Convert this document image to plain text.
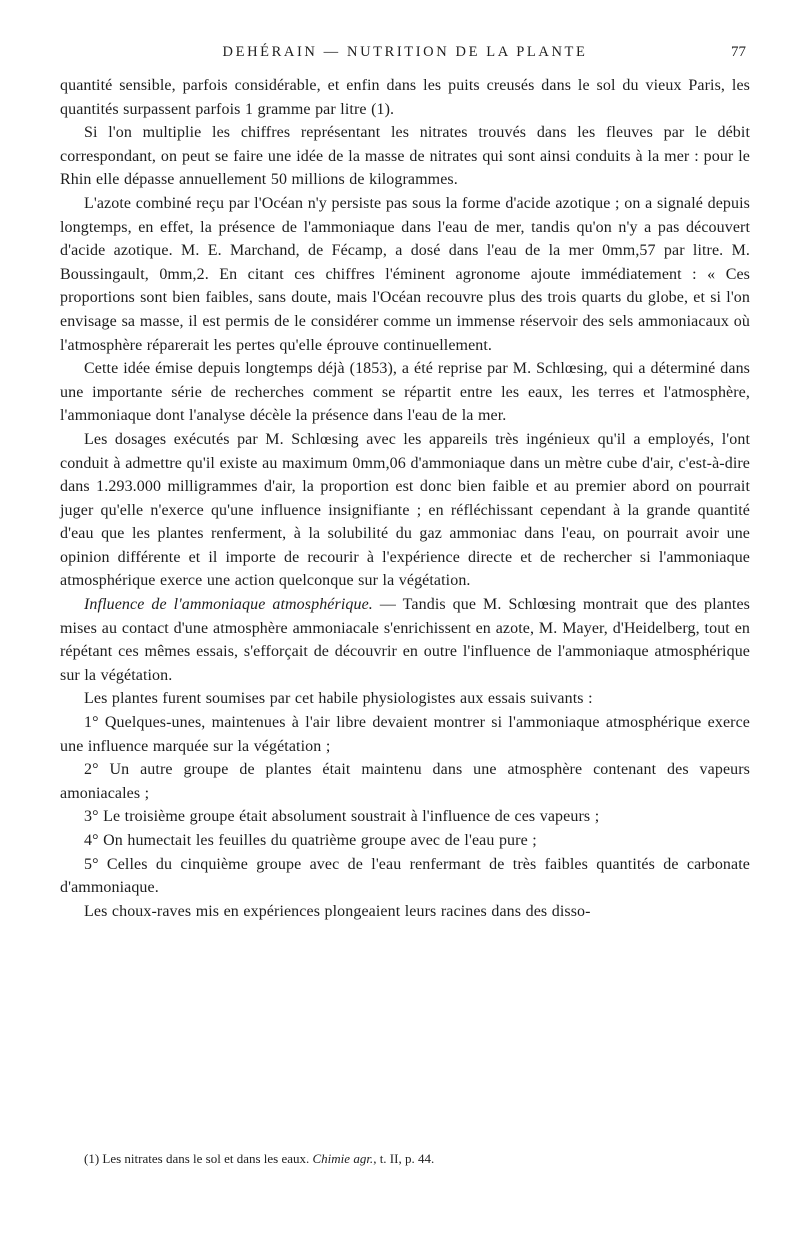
DEHÉRAIN — NUTRITION DE LA PLANTE	77

quantité sensible, parfois considérable, et enfin dans les puits creusés dans le sol du vieux Paris, les quantités surpassent parfois 1 gramme par litre (1).

Si l'on multiplie les chiffres représentant les nitrates trouvés dans les fleuves par le débit correspondant, on peut se faire une idée de la masse de nitrates qui sont ainsi conduits à la mer : pour le Rhin elle dépasse annuellement 50 millions de kilogrammes.

L'azote combiné reçu par l'Océan n'y persiste pas sous la forme d'acide azotique ; on a signalé depuis longtemps, en effet, la présence de l'ammoniaque dans l'eau de mer, tandis qu'on n'y a pas découvert d'acide azotique. M. E. Marchand, de Fécamp, a dosé dans l'eau de la mer 0mm,57 par litre. M. Boussingault, 0mm,2. En citant ces chiffres l'éminent agronome ajoute immédiatement : « Ces proportions sont bien faibles, sans doute, mais l'Océan recouvre plus des trois quarts du globe, et si l'on envisage sa masse, il est permis de le considérer comme un immense réservoir des sels ammoniacaux où l'atmosphère réparerait les pertes qu'elle éprouve continuellement.

Cette idée émise depuis longtemps déjà (1853), a été reprise par M. Schlœsing, qui a déterminé dans une importante série de recherches comment se répartit entre les eaux, les terres et l'atmosphère, l'ammoniaque dont l'analyse décèle la présence dans l'eau de la mer.

Les dosages exécutés par M. Schlœsing avec les appareils très ingénieux qu'il a employés, l'ont conduit à admettre qu'il existe au maximum 0mm,06 d'ammoniaque dans un mètre cube d'air, c'est-à-dire dans 1.293.000 milligrammes d'air, la proportion est donc bien faible et au premier abord on pourrait juger qu'elle n'exerce qu'une influence insignifiante ; en réfléchissant cependant à la grande quantité d'eau que les plantes renferment, à la solubilité du gaz ammoniac dans l'eau, on pourrait avoir une opinion différente et il importe de recourir à l'expérience directe et de rechercher si l'ammoniaque atmosphérique exerce une action quelconque sur la végétation.

Influence de l'ammoniaque atmosphérique. — Tandis que M. Schlœsing montrait que des plantes mises au contact d'une atmosphère ammoniacale s'enrichissent en azote, M. Mayer, d'Heidelberg, tout en répétant ces mêmes essais, s'efforçait de découvrir en outre l'influence de l'ammoniaque atmosphérique sur la végétation.

Les plantes furent soumises par cet habile physiologistes aux essais suivants :

1° Quelques-unes, maintenues à l'air libre devaient montrer si l'ammoniaque atmosphérique exerce une influence marquée sur la végétation ;

2° Un autre groupe de plantes était maintenu dans une atmosphère contenant des vapeurs amoniacales ;

3° Le troisième groupe était absolument soustrait à l'influence de ces vapeurs ;

4° On humectait les feuilles du quatrième groupe avec de l'eau pure ;

5° Celles du cinquième groupe avec de l'eau renfermant de très faibles quantités de carbonate d'ammoniaque.

Les choux-raves mis en expériences plongeaient leurs racines dans des disso-

(1) Les nitrates dans le sol et dans les eaux. Chimie agr., t. II, p. 44.
